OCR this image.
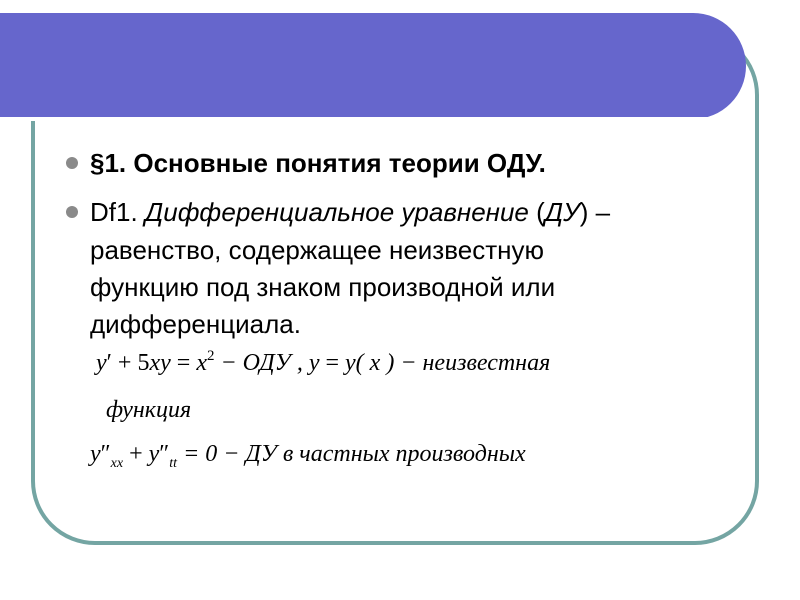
§1. Основные понятия теории ОДУ.
Df1. Дифференциальное уравнение (ДУ) –
равенство, содержащее неизвестную
функцию под знаком производной или
дифференциала.
$y' + 5xy = x^2$ − ОДУ , y = y( x ) − неизвестная
функция
$y''_{xx} + y''_{tt} = 0$ − ДУ в частных производных
